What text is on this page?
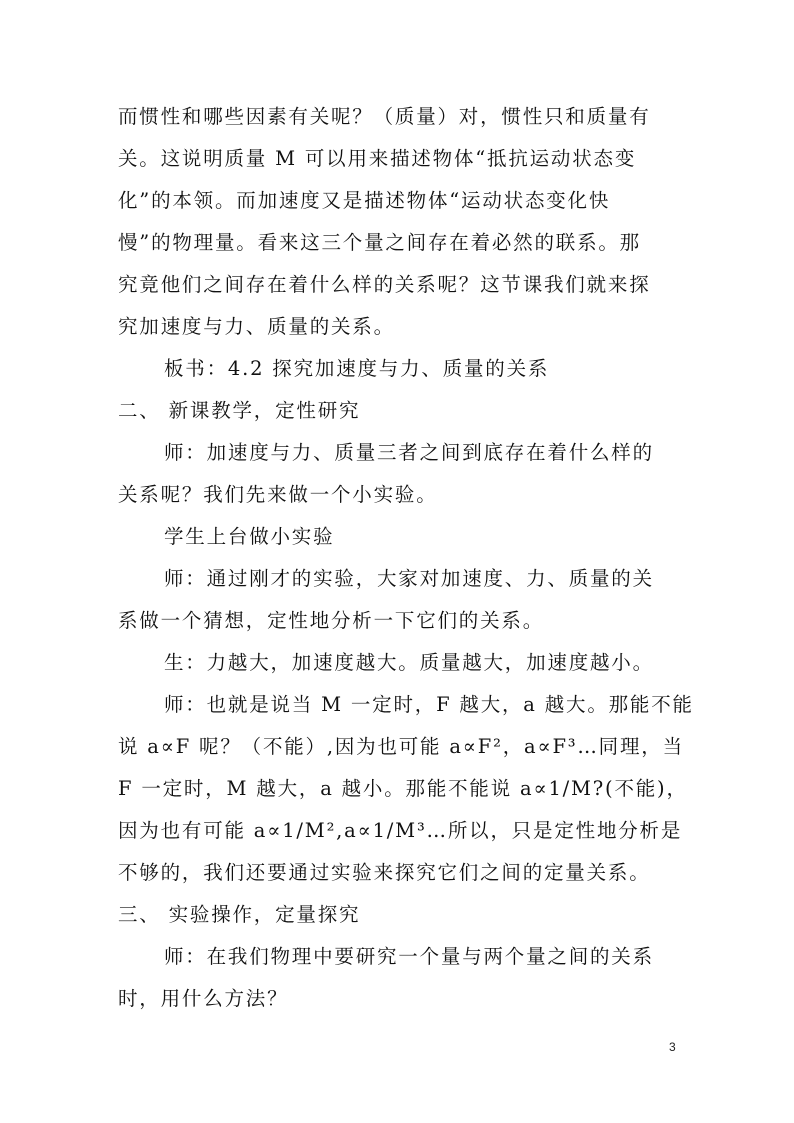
而惯性和哪些因素有关呢？（质量）对，惯性只和质量有
关。这说明质量 M 可以用来描述物体“抵抗运动状态变
化”的本领。而加速度又是描述物体“运动状态变化快
慢”的物理量。看来这三个量之间存在着必然的联系。那
究竟他们之间存在着什么样的关系呢？这节课我们就来探
究加速度与力、质量的关系。
板书：4.2 探究加速度与力、质量的关系
二、 新课教学，定性研究
师：加速度与力、质量三者之间到底存在着什么样的
关系呢？我们先来做一个小实验。
学生上台做小实验
师：通过刚才的实验，大家对加速度、力、质量的关
系做一个猜想，定性地分析一下它们的关系。
生：力越大，加速度越大。质量越大，加速度越小。
师：也就是说当 M 一定时，F 越大，a 越大。那能不能
说 a∝F 呢？（不能）,因为也可能 a∝F²，a∝F³…同理，当
F 一定时，M 越大，a 越小。那能不能说 a∝1/M?(不能)，
因为也有可能 a∝1/M²,a∝1/M³…所以，只是定性地分析是
不够的，我们还要通过实验来探究它们之间的定量关系。
三、 实验操作，定量探究
师：在我们物理中要研究一个量与两个量之间的关系
时，用什么方法？
3
